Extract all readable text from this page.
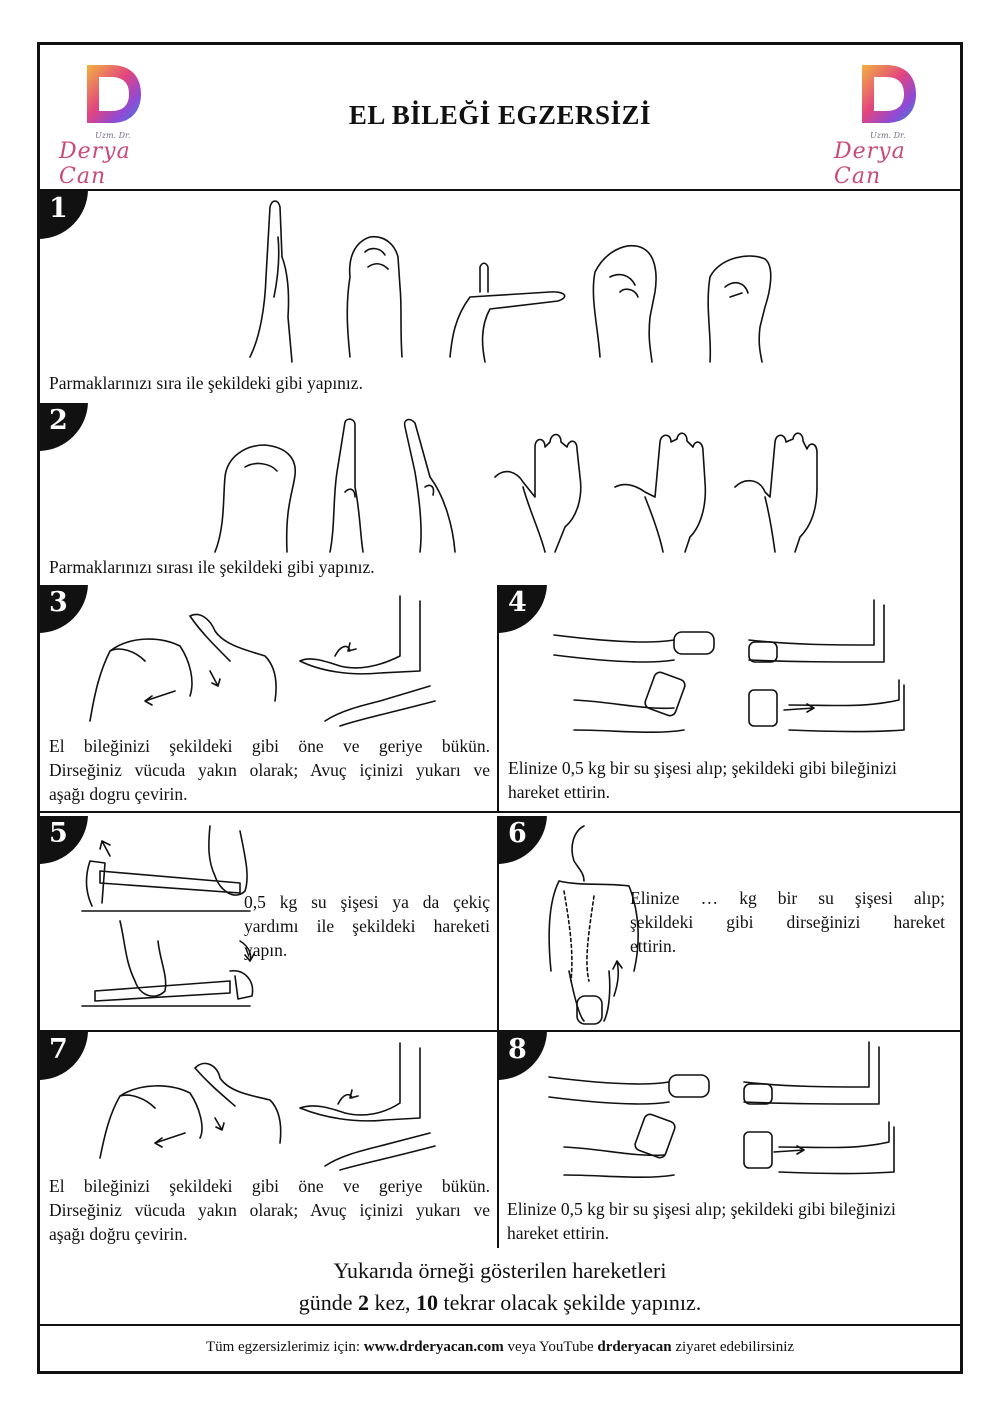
Uzm. Dr.
Derya Can
EL BİLEĞİ EGZERSİZİ
Uzm. Dr.
Derya Can
1
Parmaklarınızı sıra ile şekildeki gibi yapınız.
2
Parmaklarınızı sırası ile şekildeki gibi yapınız.
3
El bileğinizi şekildeki gibi öne ve geriye bükün.
Dirseğiniz vücuda yakın olarak; Avuç içinizi yukarı ve
aşağı dogru çevirin.
4
Elinize 0,5 kg bir su şişesi alıp; şekildeki gibi bileğinizi
hareket ettirin.
5
0,5 kg su şişesi ya da çekiç
yardımı ile şekildeki hareketi
yapın.
6
Elinize … kg bir su şişesi alıp;
şekildeki gibi dirseğinizi hareket
ettirin.
7
El bileğinizi şekildeki gibi öne ve geriye bükün.
Dirseğiniz vücuda yakın olarak; Avuç içinizi yukarı ve
aşağı doğru çevirin.
8
Elinize 0,5 kg bir su şişesi alıp; şekildeki gibi bileğinizi
hareket ettirin.
Yukarıda örneği gösterilen hareketleri
günde 2 kez, 10 tekrar olacak şekilde yapınız.
Tüm egzersizlerimiz için: www.drderyacan.com veya YouTube drderyacan ziyaret edebilirsiniz
